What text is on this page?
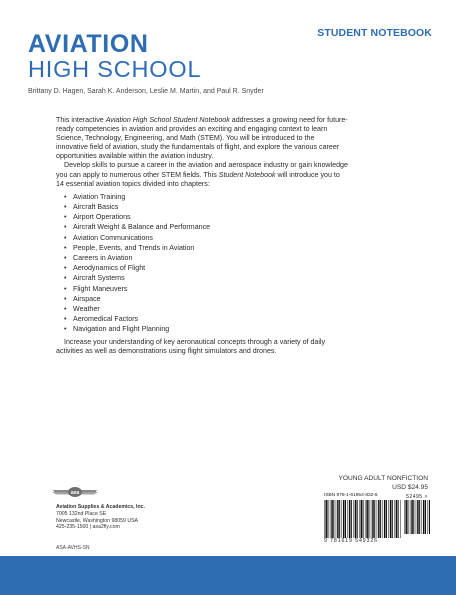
STUDENT NOTEBOOK
AVIATION
HIGH SCHOOL
Brittany D. Hagen, Sarah K. Anderson, Leslie M. Martin, and Paul R. Snyder

This interactive Aviation High School Student Notebook addresses a growing need for future-ready competencies in aviation and provides an exciting and engaging context to learn Science, Technology, Engineering, and Math (STEM). You will be introduced to the innovative field of aviation, study the fundamentals of flight, and explore the various career opportunities available within the aviation industry.

Develop skills to pursue a career in the aviation and aerospace industry or gain knowledge you can apply to numerous other STEM fields. This Student Notebook will introduce you to 14 essential aviation topics divided into chapters:

• Aviation Training
• Aircraft Basics
• Airport Operations
• Aircraft Weight & Balance and Performance
• Aviation Communications
• People, Events, and Trends in Aviation
• Careers in Aviation
• Aerodynamics of Flight
• Aircraft Systems
• Flight Maneuvers
• Airspace
• Weather
• Aeromedical Factors
• Navigation and Flight Planning

Increase your understanding of key aeronautical concepts through a variety of daily activities as well as demonstrations using flight simulators and drones.

asa
Aviation Supplies & Academics, Inc.
7005 132nd Place SE
Newcastle, Washington 98059 USA
425-235-1500 | asa2fly.com
ASA-AVHS-SN
YOUNG ADULT NONFICTION
USD $24.95
ISBN 978-1-61954-832-6	52495 >
9 781619 549326
